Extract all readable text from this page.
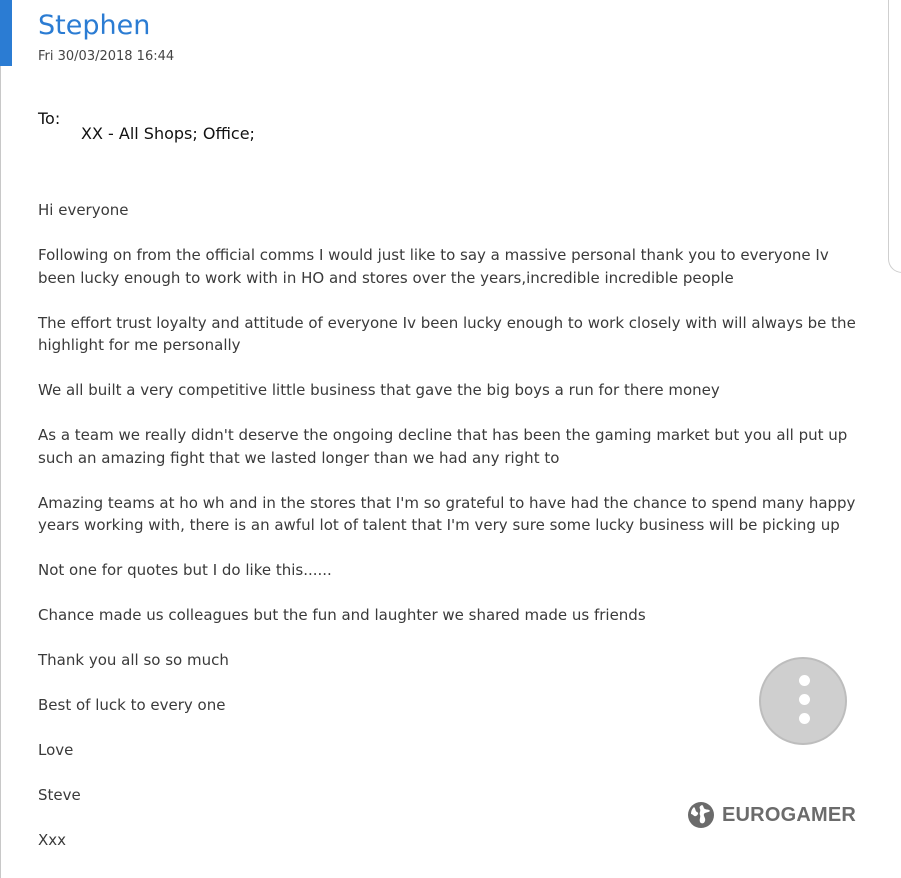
Stephen
Fri 30/03/2018 16:44
To:
XX - All Shops; Office;

Hi everyone

Following on from the official comms I would just like to say a massive personal thank you to everyone Iv been lucky enough to work with in HO and stores over the years,incredible incredible people

The effort trust loyalty and attitude of everyone Iv been lucky enough to work closely with will always be the highlight for me personally

We all built a very competitive little business that gave the big boys a run for there money

As a team we really didn't deserve the ongoing decline that has been the gaming market but you all put up such an amazing fight that we lasted longer than we had any right to

Amazing teams at ho wh and in the stores that I'm so grateful to have had the chance to spend many happy years working with, there is an awful lot of talent that I'm very sure some lucky business will be picking up

Not one for quotes but I do like this......

Chance made us colleagues but the fun and laughter we shared made us friends

Thank you all so so much

Best of luck to every one

Love

Steve

Xxx

EUROGAMER
